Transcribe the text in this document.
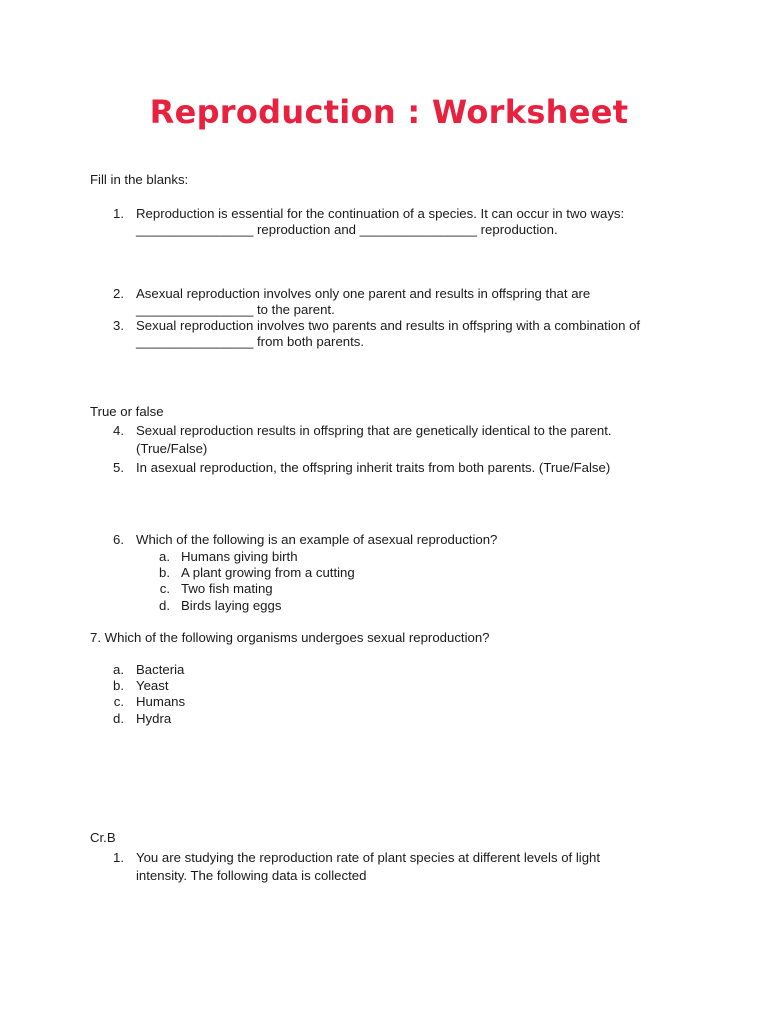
Reproduction : Worksheet
Fill in the blanks:
1. Reproduction is essential for the continuation of a species. It can occur in two ways:
________________ reproduction and ________________ reproduction.
2. Asexual reproduction involves only one parent and results in offspring that are
________________ to the parent.
3. Sexual reproduction involves two parents and results in offspring with a combination of
________________ from both parents.
True or false
4. Sexual reproduction results in offspring that are genetically identical to the parent.
(True/False)
5. In asexual reproduction, the offspring inherit traits from both parents. (True/False)
6. Which of the following is an example of asexual reproduction?
a. Humans giving birth
b. A plant growing from a cutting
c. Two fish mating
d. Birds laying eggs
7. Which of the following organisms undergoes sexual reproduction?
a. Bacteria
b. Yeast
c. Humans
d. Hydra
Cr.B
1. You are studying the reproduction rate of plant species at different levels of light
intensity. The following data is collected
